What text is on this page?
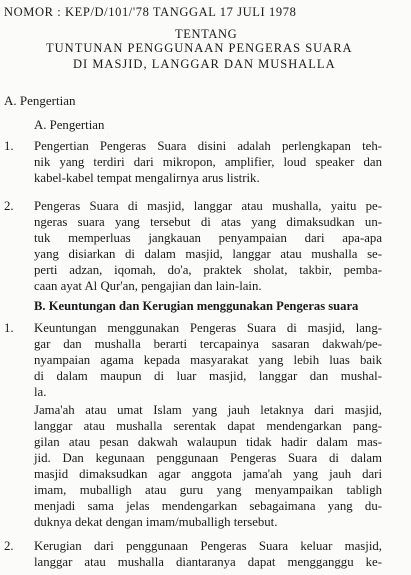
NOMOR : KEP/D/101/'78 TANGGAL 17 JULI 1978
TENTANG
TUNTUNAN PENGGUNAAN PENGERAS SUARA
DI MASJID, LANGGAR DAN MUSHALLA
A. Pengertian
A. Pengertian
1. Pengertian Pengeras Suara disini adalah perlengkapan teh-
nik yang terdiri dari mikropon, amplifier, loud speaker dan
kabel-kabel tempat mengalirnya arus listrik.
2. Pengeras Suara di masjid, langgar atau mushalla, yaitu pe-
ngeras suara yang tersebut di atas yang dimaksudkan un-
tuk memperluas jangkauan penyampaian dari apa-apa
yang disiarkan di dalam masjid, langgar atau mushalla se-
perti adzan, iqomah, do'a, praktek sholat, takbir, pemba-
caan ayat Al Qur'an, pengajian dan lain-lain.
B. Keuntungan dan Kerugian menggunakan Pengeras suara
1. Keuntungan menggunakan Pengeras Suara di masjid, lang-
gar dan mushalla berarti tercapainya sasaran dakwah/pe-
nyampaian agama kepada masyarakat yang lebih luas baik
di dalam maupun di luar masjid, langgar dan mushal-
la.
Jama'ah atau umat Islam yang jauh letaknya dari masjid,
langgar atau mushalla serentak dapat mendengarkan pang-
gilan atau pesan dakwah walaupun tidak hadir dalam mas-
jid. Dan kegunaan penggunaan Pengeras Suara di dalam
masjid dimaksudkan agar anggota jama'ah yang jauh dari
imam, muballigh atau guru yang menyampaikan tabligh
menjadi sama jelas mendengarkan sebagaimana yang du-
duknya dekat dengan imam/muballigh tersebut.
2. Kerugian dari penggunaan Pengeras Suara keluar masjid,
langgar atau mushalla diantaranya dapat mengganggu ke-
